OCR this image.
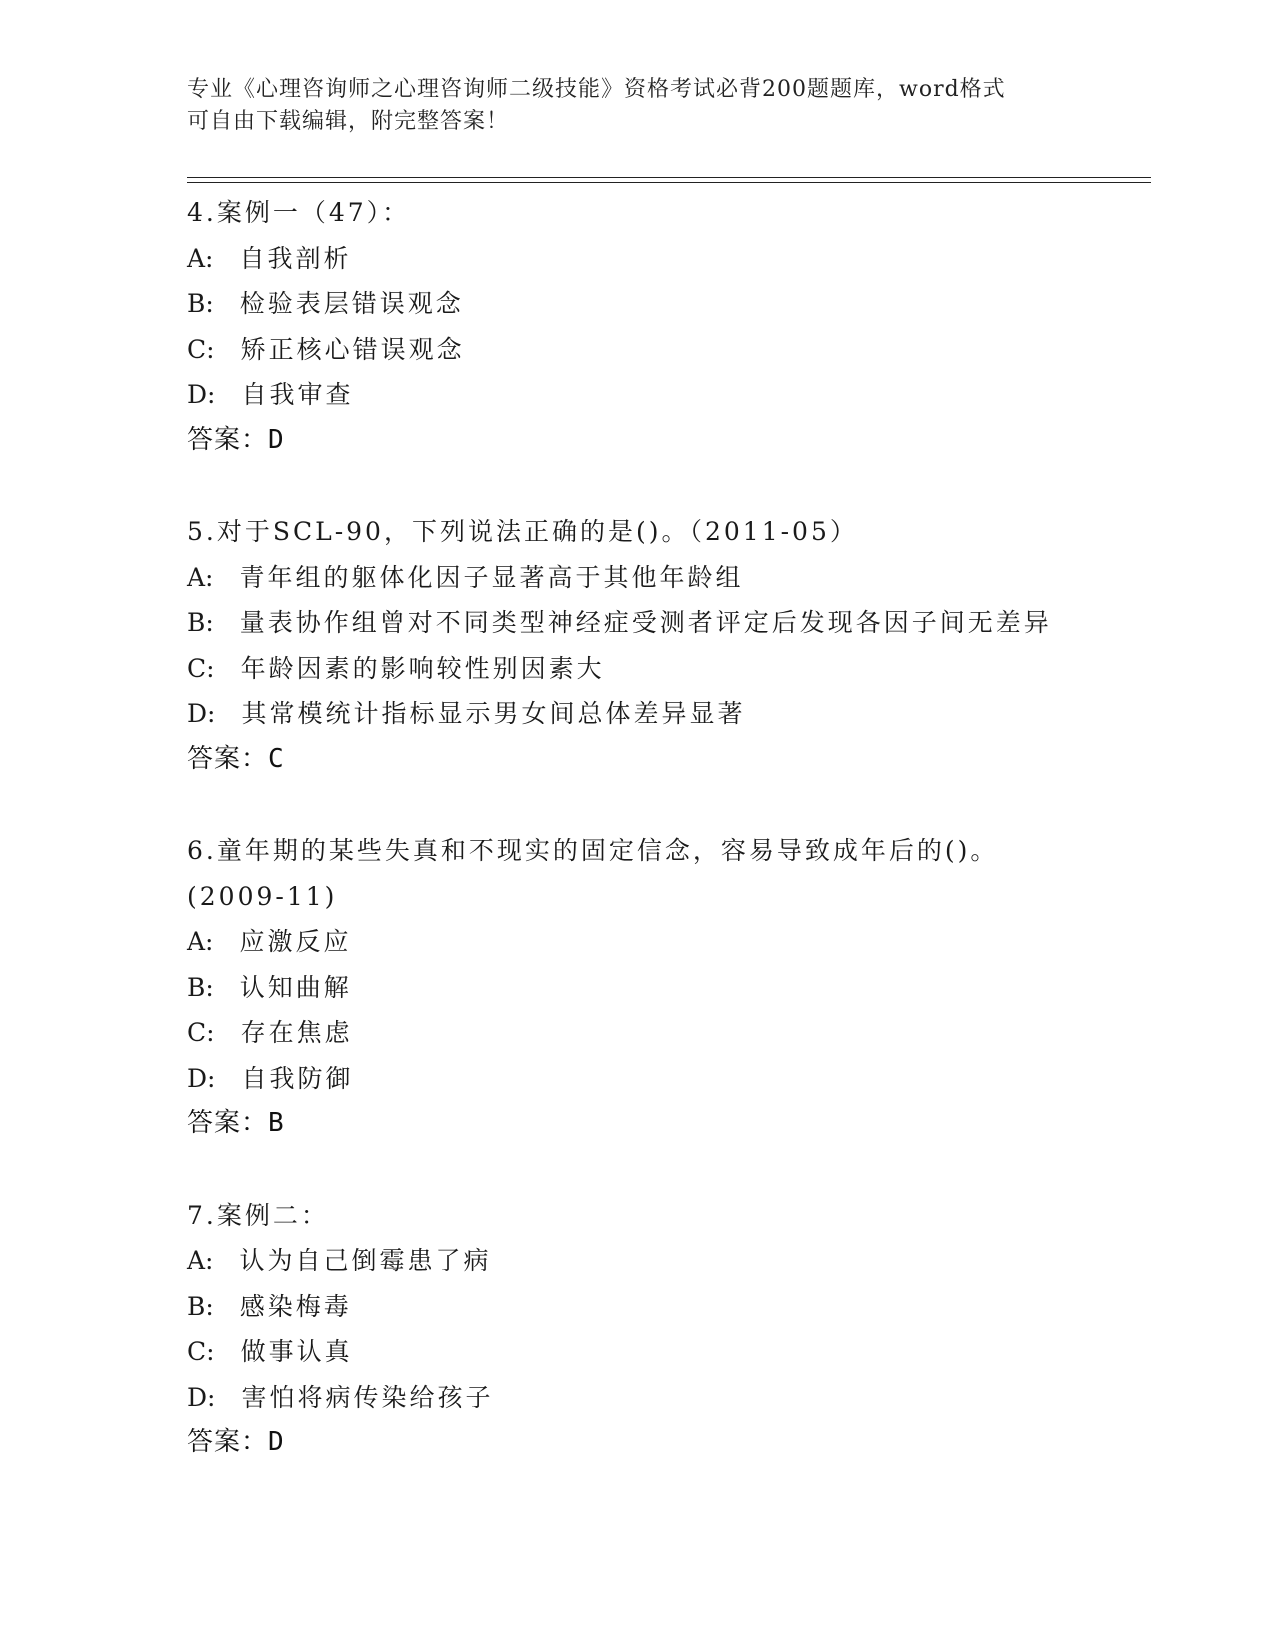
专业《心理咨询师之心理咨询师二级技能》资格考试必背200题题库，word格式
可自由下载编辑，附完整答案！
4.案例一（47）：
A: 自我剖析
B: 检验表层错误观念
C: 矫正核心错误观念
D: 自我审查
答案：D
5.对于SCL-90，下列说法正确的是()。（2011-05）
A: 青年组的躯体化因子显著高于其他年龄组
B: 量表协作组曾对不同类型神经症受测者评定后发现各因子间无差异
C: 年龄因素的影响较性别因素大
D: 其常模统计指标显示男女间总体差异显著
答案：C
6.童年期的某些失真和不现实的固定信念，容易导致成年后的()。
(2009-11)
A: 应激反应
B: 认知曲解
C: 存在焦虑
D: 自我防御
答案：B
7.案例二：
A: 认为自己倒霉患了病
B: 感染梅毒
C: 做事认真
D: 害怕将病传染给孩子
答案：D
